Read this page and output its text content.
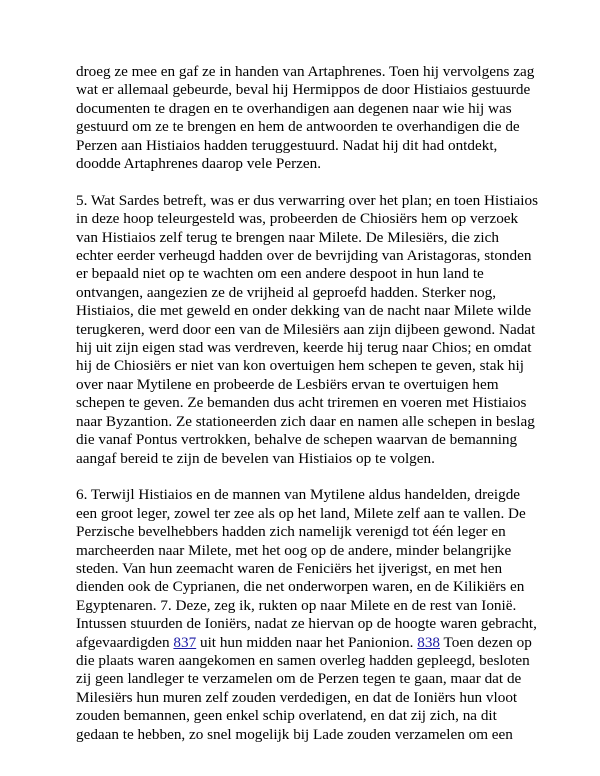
droeg ze mee en gaf ze in handen van Artaphrenes. Toen hij vervolgens zag
wat er allemaal gebeurde, beval hij Hermippos de door Histiaios gestuurde
documenten te dragen en te overhandigen aan degenen naar wie hij was
gestuurd om ze te brengen en hem de antwoorden te overhandigen die de
Perzen aan Histiaios hadden teruggestuurd. Nadat hij dit had ontdekt,
doodde Artaphrenes daarop vele Perzen.
5. Wat Sardes betreft, was er dus verwarring over het plan; en toen Histiaios
in deze hoop teleurgesteld was, probeerden de Chiosiërs hem op verzoek
van Histiaios zelf terug te brengen naar Milete. De Milesiërs, die zich
echter eerder verheugd hadden over de bevrijding van Aristagoras, stonden
er bepaald niet op te wachten om een andere despoot in hun land te
ontvangen, aangezien ze de vrijheid al geproefd hadden. Sterker nog,
Histiaios, die met geweld en onder dekking van de nacht naar Milete wilde
terugkeren, werd door een van de Milesiërs aan zijn dijbeen gewond. Nadat
hij uit zijn eigen stad was verdreven, keerde hij terug naar Chios; en omdat
hij de Chiosiërs er niet van kon overtuigen hem schepen te geven, stak hij
over naar Mytilene en probeerde de Lesbiërs ervan te overtuigen hem
schepen te geven. Ze bemanden dus acht triremen en voeren met Histiaios
naar Byzantion. Ze stationeerden zich daar en namen alle schepen in beslag
die vanaf Pontus vertrokken, behalve de schepen waarvan de bemanning
aangaf bereid te zijn de bevelen van Histiaios op te volgen.
6. Terwijl Histiaios en de mannen van Mytilene aldus handelden, dreigde
een groot leger, zowel ter zee als op het land, Milete zelf aan te vallen. De
Perzische bevelhebbers hadden zich namelijk verenigd tot één leger en
marcheerden naar Milete, met het oog op de andere, minder belangrijke
steden. Van hun zeemacht waren de Feniciërs het ijverigst, en met hen
dienden ook de Cyprianen, die net onderworpen waren, en de Kilikiërs en
Egyptenaren. 7. Deze, zeg ik, rukten op naar Milete en de rest van Ionië.
Intussen stuurden de Ioniërs, nadat ze hiervan op de hoogte waren gebracht,
afgevaardigden 837 uit hun midden naar het Panionion. 838 Toen dezen op
die plaats waren aangekomen en samen overleg hadden gepleegd, besloten
zij geen landleger te verzamelen om de Perzen tegen te gaan, maar dat de
Milesiërs hun muren zelf zouden verdedigen, en dat de Ioniërs hun vloot
zouden bemannen, geen enkel schip overlatend, en dat zij zich, na dit
gedaan te hebben, zo snel mogelijk bij Lade zouden verzamelen om een
